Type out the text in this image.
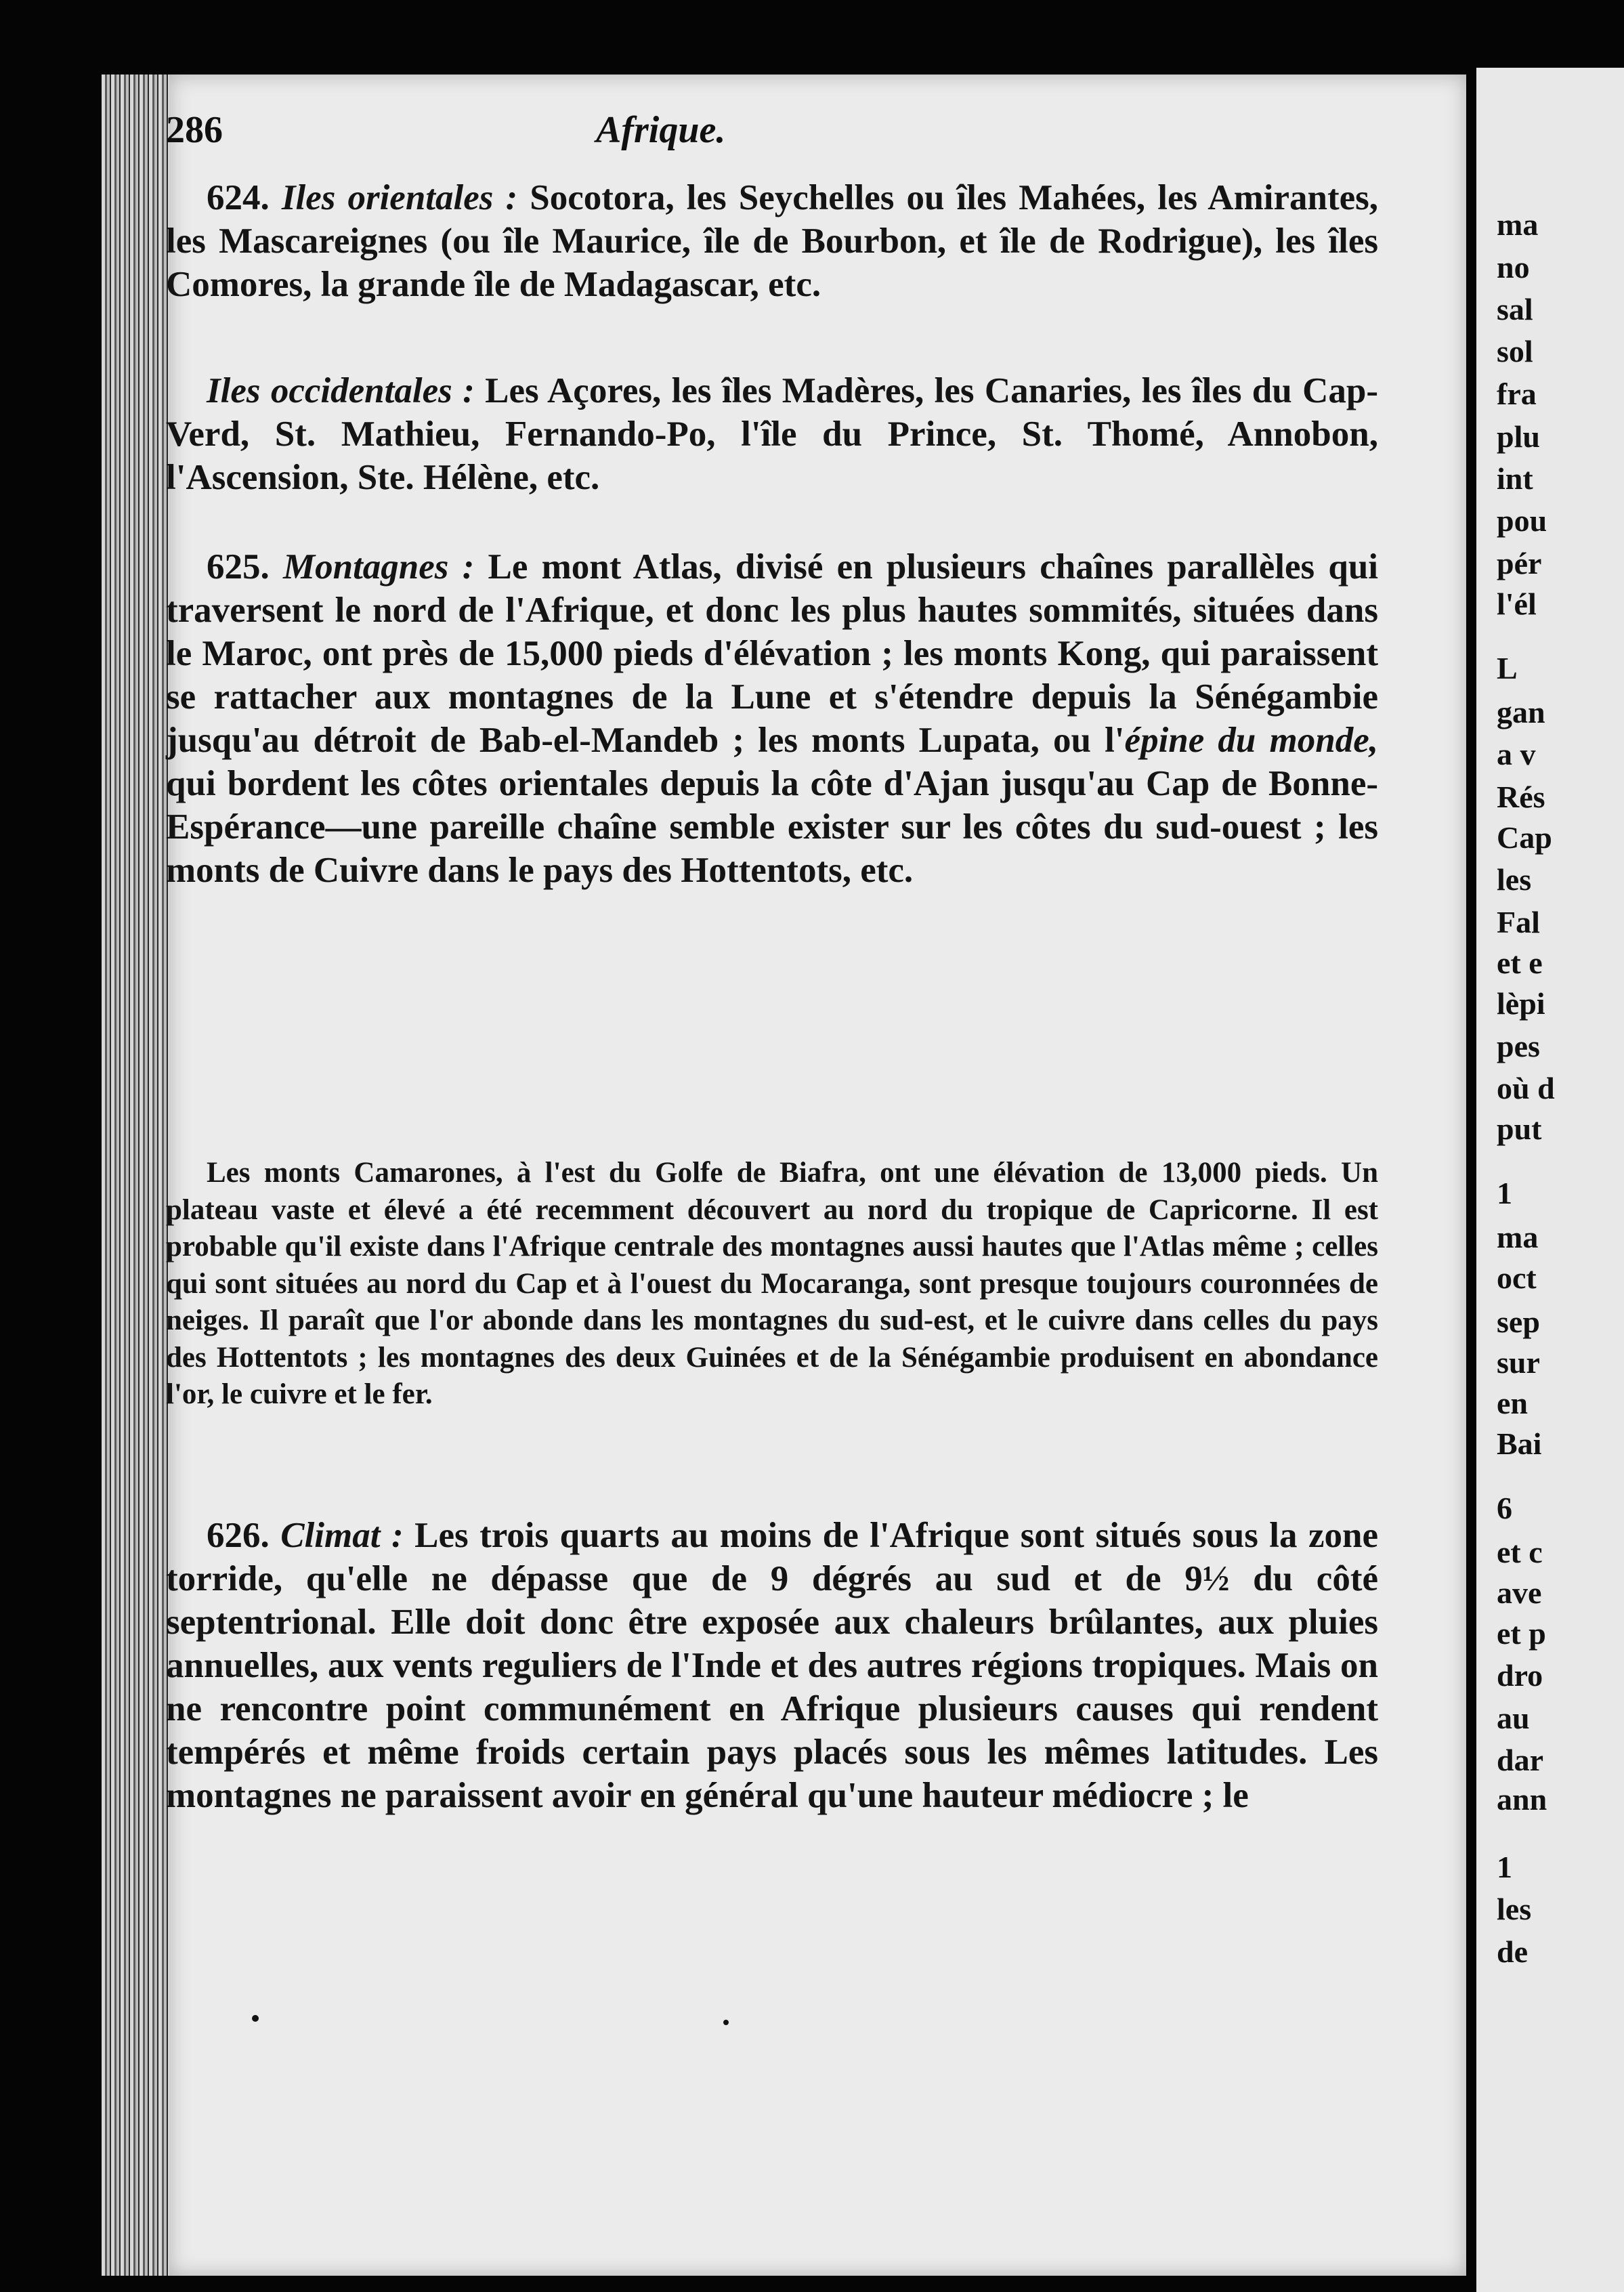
ma
no
sal
sol
fra
plu
int
pou
pér
l'él
L
gan
a v
Rés
Cap
les
Fal
et e
lèpi
pes
où d
put
1
ma
oct
sep
sur
en
Bai
6
et c
ave
et p
dro
au
dar
ann
1
les
de
286	Afrique.
624. Iles orientales : Socotora, les Seychelles ou îles Mahées, les Amirantes, les Mascareignes (ou île Maurice, île de Bourbon, et île de Rodrigue), les îles Comores, la grande île de Madagascar, etc.
Iles occidentales : Les Açores, les îles Madères, les Canaries, les îles du Cap-Verd, St. Mathieu, Fernando-Po, l'île du Prince, St. Thomé, Annobon, l'Ascension, Ste. Hélène, etc.
625. Montagnes : Le mont Atlas, divisé en plusieurs chaînes parallèles qui traversent le nord de l'Afrique, et donc les plus hautes sommités, situées dans le Maroc, ont près de 15,000 pieds d'élévation ; les monts Kong, qui paraissent se rattacher aux montagnes de la Lune et s'étendre depuis la Sénégambie jusqu'au détroit de Bab-el-Mandeb ; les monts Lupata, ou l'épine du monde, qui bordent les côtes orientales depuis la côte d'Ajan jusqu'au Cap de Bonne-Espérance—une pareille chaîne semble exister sur les côtes du sud-ouest ; les monts de Cuivre dans le pays des Hottentots, etc.
Les monts Camarones, à l'est du Golfe de Biafra, ont une élévation de 13,000 pieds. Un plateau vaste et élevé a été recemment découvert au nord du tropique de Capricorne. Il est probable qu'il existe dans l'Afrique centrale des montagnes aussi hautes que l'Atlas même ; celles qui sont situées au nord du Cap et à l'ouest du Mocaranga, sont presque toujours couronnées de neiges. Il paraît que l'or abonde dans les montagnes du sud-est, et le cuivre dans celles du pays des Hottentots ; les montagnes des deux Guinées et de la Sénégambie produisent en abondance l'or, le cuivre et le fer.
626. Climat : Les trois quarts au moins de l'Afrique sont situés sous la zone torride, qu'elle ne dépasse que de 9 dégrés au sud et de 9½ du côté septentrional. Elle doit donc être exposée aux chaleurs brûlantes, aux pluies annuelles, aux vents reguliers de l'Inde et des autres régions tropiques. Mais on ne rencontre point communément en Afrique plusieurs causes qui rendent tempérés et même froids certain pays placés sous les mêmes latitudes. Les montagnes ne paraissent avoir en général qu'une hauteur médiocre ; le
